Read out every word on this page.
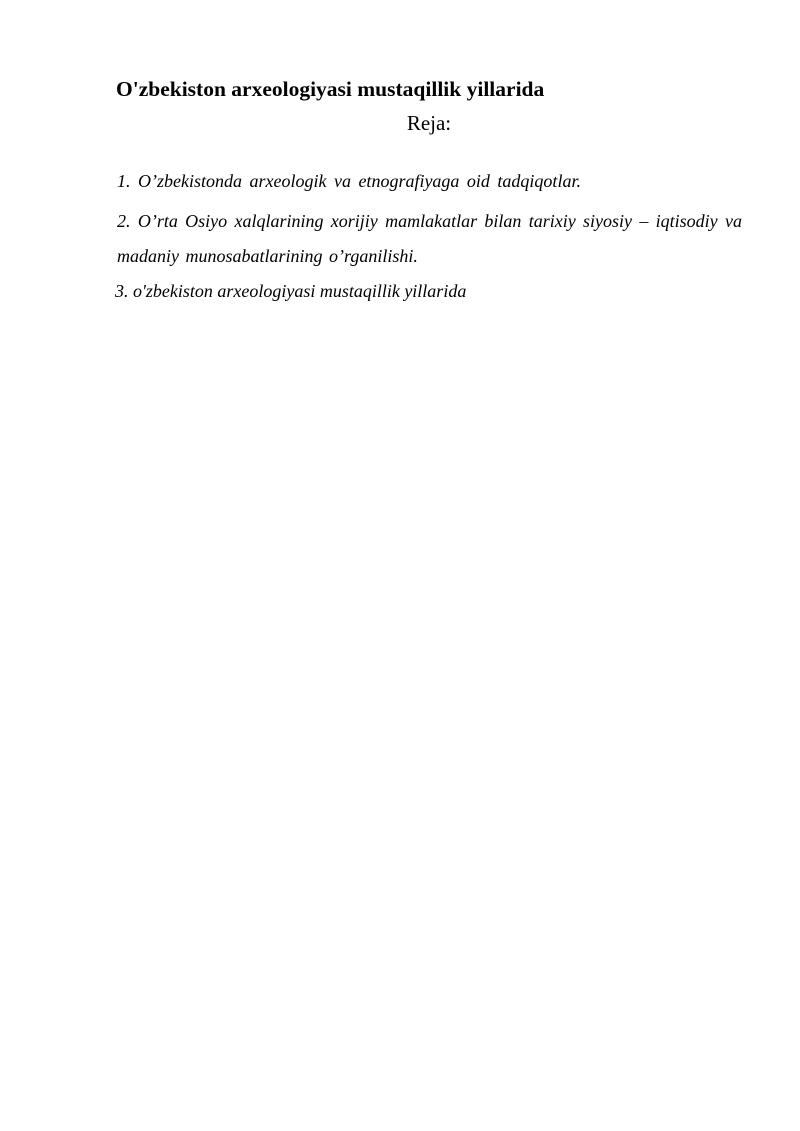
O'zbekiston arxeologiyasi mustaqillik yillarida
Reja:
1. O’zbekistonda arxeologik va etnografiyaga oid tadqiqotlar.
2. O’rta Osiyo xalqlarining xorijiy mamlakatlar bilan tarixiy siyosiy – iqtisodiy va madaniy munosabatlarining o’rganilishi.
3. o'zbekiston arxeologiyasi mustaqillik yillarida
